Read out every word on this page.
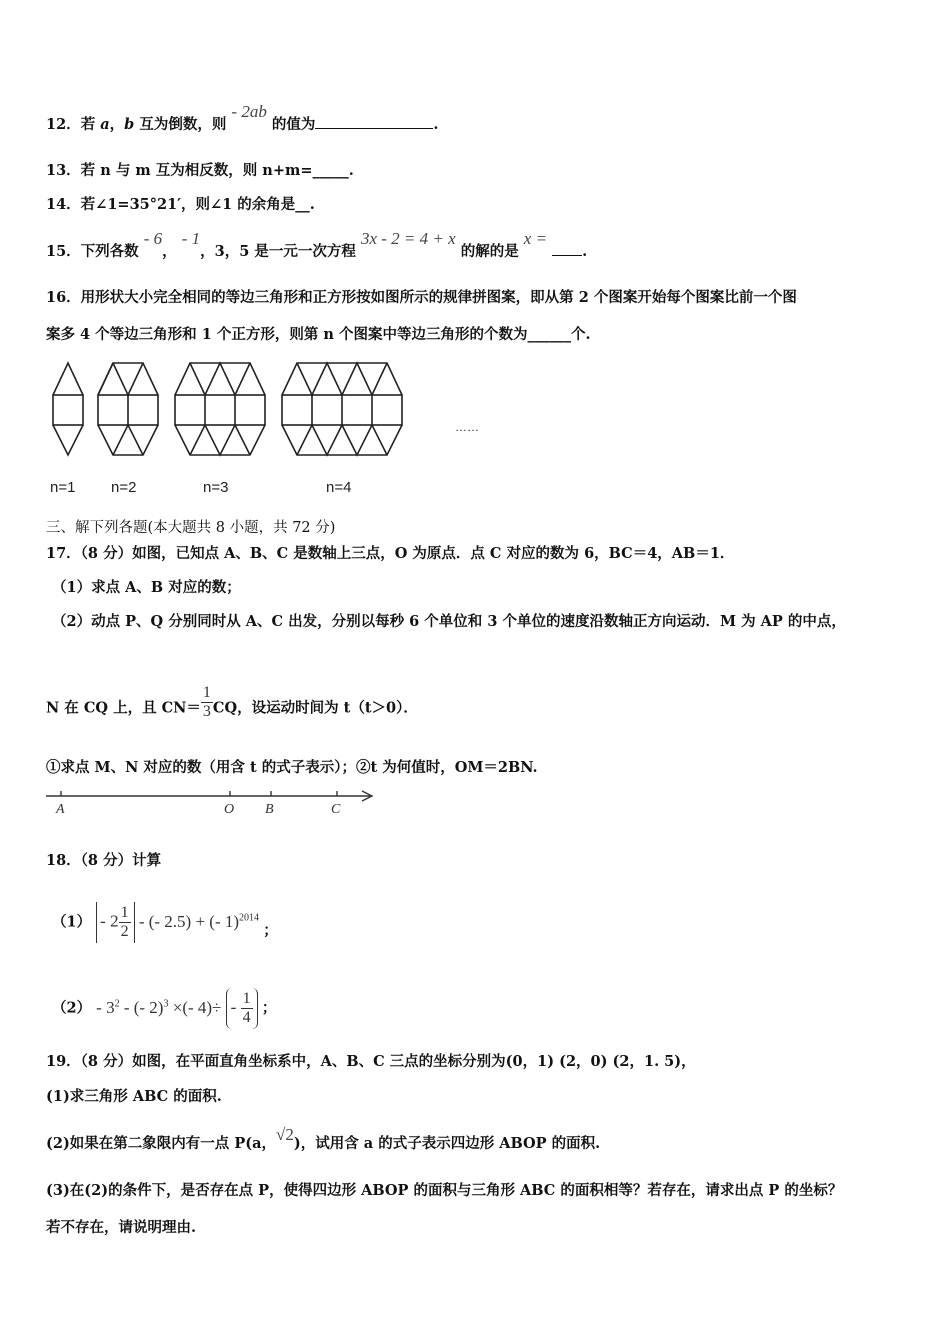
12．若 a，b 互为倒数，则 - 2ab 的值为	.
13．若 n 与 m 互为相反数，则 n+m=_____.
14．若∠1=35°21′，则∠1 的余角是__.
15．下列各数 - 6， - 1，3，5 是一元一次方程 3x - 2 = 4 + x 的解的是 x = .
16．用形状大小完全相同的等边三角形和正方形按如图所示的规律拼图案，即从第 2 个图案开始每个图案比前一个图
案多 4 个等边三角形和 1 个正方形，则第 n 个图案中等边三角形的个数为______个.
n=1 n=2	n=3	n=4
……
三、解下列各题(本大题共 8 小题，共 72 分)
17．（8 分）如图，已知点 A、B、C 是数轴上三点，O 为原点．点 C 对应的数为 6，BC＝4，AB＝1．
（1）求点 A、B 对应的数；
（2）动点 P、Q 分别同时从 A、C 出发，分别以每秒 6 个单位和 3 个单位的速度沿数轴正方向运动．M 为 AP 的中点，
N 在 CQ 上，且 $CN= \frac{1}{3}$ CQ，设运动时间为 t（t＞0）．
①求点 M、N 对应的数（用含 t 的式子表示）；②t 为何值时，OM＝2BN.
A	O B	C
18．（8 分）计算
$(1) - 2 \frac{1}{2}$ - (- 2.5) + (- 1)$^{2014}$ ；
$(2) - 3^2$ - (- 2)$^3$ ×(- $4)\div - \frac{1}{4}$ ；
19．（8 分）如图，在平面直角坐标系中，A、B、C 三点的坐标分别为(0，1) (2，0) (2，1. 5)，
(1)求三角形 ABC 的面积.
(2)如果在第二象限内有一点 P(a，√2)，试用含 a 的式子表示四边形 ABOP 的面积.
(3)在(2)的条件下，是否存在点 P，使得四边形 ABOP 的面积与三角形 ABC 的面积相等？若存在，请求出点 P 的坐标？
若不存在，请说明理由.
